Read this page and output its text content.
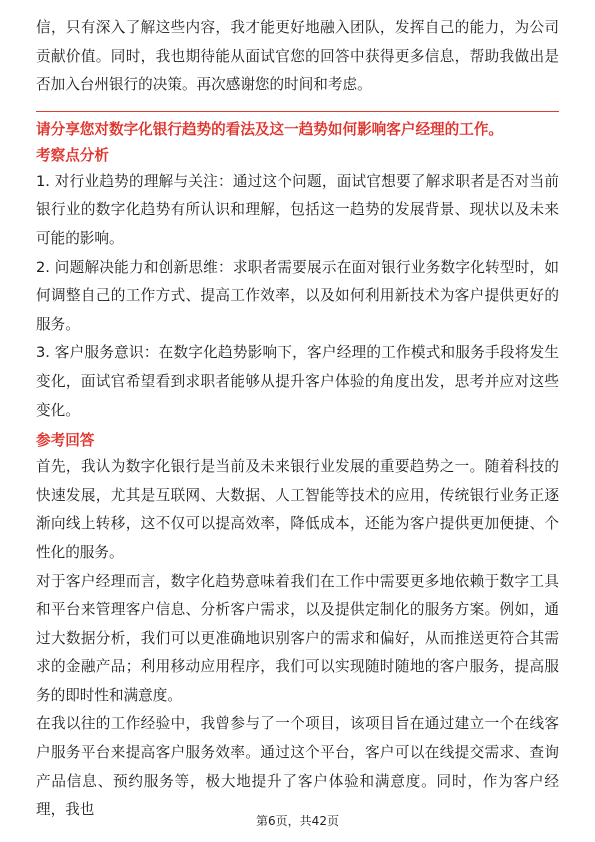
信，只有深入了解这些内容，我才能更好地融入团队，发挥自己的能力，为公司贡献价值。同时，我也期待能从面试官您的回答中获得更多信息，帮助我做出是否加入台州银行的决策。再次感谢您的时间和考虑。

请分享您对数字化银行趋势的看法及这一趋势如何影响客户经理的工作。

考察点分析

1. 对行业趋势的理解与关注：通过这个问题，面试官想要了解求职者是否对当前银行业的数字化趋势有所认识和理解，包括这一趋势的发展背景、现状以及未来可能的影响。

2. 问题解决能力和创新思维：求职者需要展示在面对银行业务数字化转型时，如何调整自己的工作方式、提高工作效率，以及如何利用新技术为客户提供更好的服务。

3. 客户服务意识：在数字化趋势影响下，客户经理的工作模式和服务手段将发生变化，面试官希望看到求职者能够从提升客户体验的角度出发，思考并应对这些变化。

参考回答

首先，我认为数字化银行是当前及未来银行业发展的重要趋势之一。随着科技的快速发展，尤其是互联网、大数据、人工智能等技术的应用，传统银行业务正逐渐向线上转移，这不仅可以提高效率，降低成本，还能为客户提供更加便捷、个性化的服务。

对于客户经理而言，数字化趋势意味着我们在工作中需要更多地依赖于数字工具和平台来管理客户信息、分析客户需求，以及提供定制化的服务方案。例如，通过大数据分析，我们可以更准确地识别客户的需求和偏好，从而推送更符合其需求的金融产品；利用移动应用程序，我们可以实现随时随地的客户服务，提高服务的即时性和满意度。

在我以往的工作经验中，我曾参与了一个项目，该项目旨在通过建立一个在线客户服务平台来提高客户服务效率。通过这个平台，客户可以在线提交需求、查询产品信息、预约服务等，极大地提升了客户体验和满意度。同时，作为客户经理，我也

第6页，共42页
